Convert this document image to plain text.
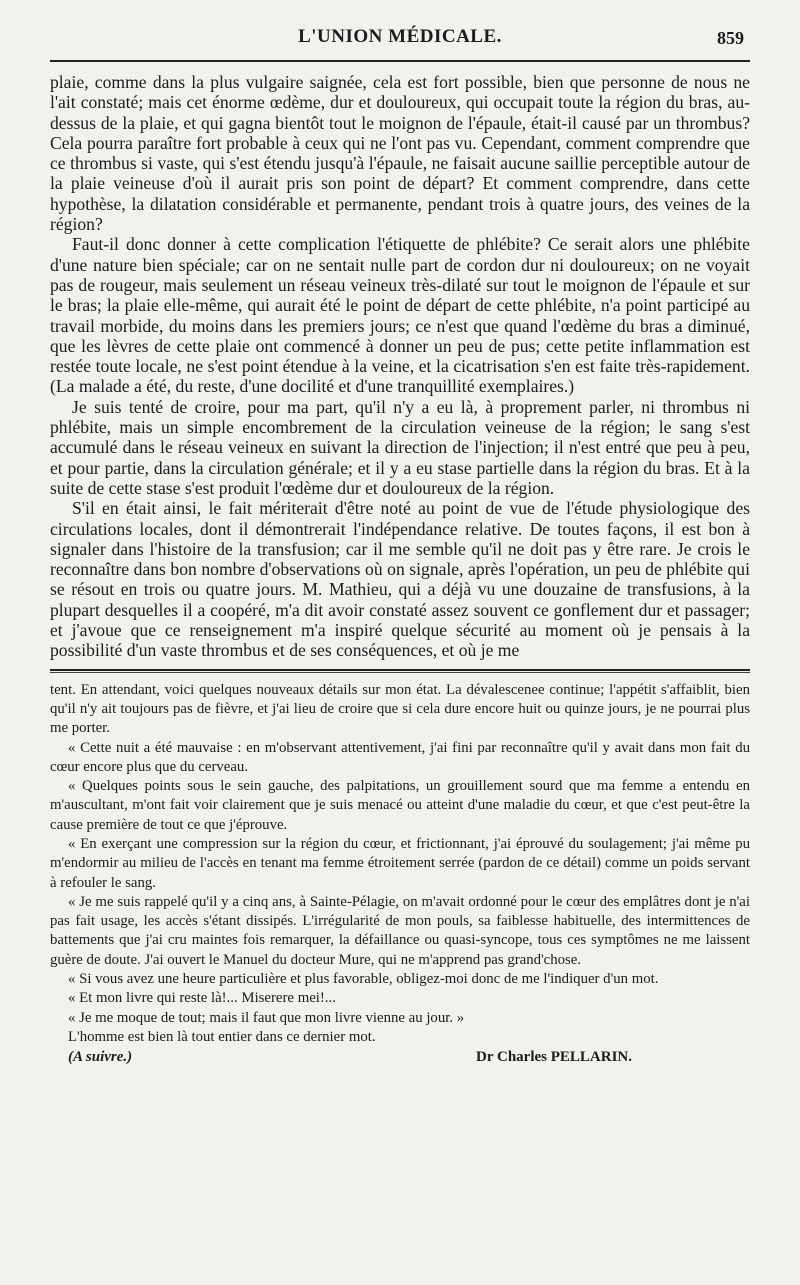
L'UNION MÉDICALE.	859

plaie, comme dans la plus vulgaire saignée, cela est fort possible, bien que personne de nous ne l'ait constaté; mais cet énorme œdème, dur et douloureux, qui occupait toute la région du bras, au-dessus de la plaie, et qui gagna bientôt tout le moignon de l'épaule, était-il causé par un thrombus? Cela pourra paraître fort probable à ceux qui ne l'ont pas vu. Cependant, comment comprendre que ce thrombus si vaste, qui s'est étendu jusqu'à l'épaule, ne faisait aucune saillie perceptible autour de la plaie veineuse d'où il aurait pris son point de départ? Et comment comprendre, dans cette hypothèse, la dilatation considérable et permanente, pendant trois à quatre jours, des veines de la région?

Faut-il donc donner à cette complication l'étiquette de phlébite? Ce serait alors une phlébite d'une nature bien spéciale; car on ne sentait nulle part de cordon dur ni douloureux; on ne voyait pas de rougeur, mais seulement un réseau veineux très-dilaté sur tout le moignon de l'épaule et sur le bras; la plaie elle-même, qui aurait été le point de départ de cette phlébite, n'a point participé au travail morbide, du moins dans les premiers jours; ce n'est que quand l'œdème du bras a diminué, que les lèvres de cette plaie ont commencé à donner un peu de pus; cette petite inflammation est restée toute locale, ne s'est point étendue à la veine, et la cicatrisation s'en est faite très-rapidement. (La malade a été, du reste, d'une docilité et d'une tranquillité exemplaires.)

Je suis tenté de croire, pour ma part, qu'il n'y a eu là, à proprement parler, ni thrombus ni phlébite, mais un simple encombrement de la circulation veineuse de la région; le sang s'est accumulé dans le réseau veineux en suivant la direction de l'injection; il n'est entré que peu à peu, et pour partie, dans la circulation générale; et il y a eu stase partielle dans la région du bras. Et à la suite de cette stase s'est produit l'œdème dur et douloureux de la région.

S'il en était ainsi, le fait mériterait d'être noté au point de vue de l'étude physiologique des circulations locales, dont il démontrerait l'indépendance relative. De toutes façons, il est bon à signaler dans l'histoire de la transfusion; car il me semble qu'il ne doit pas y être rare. Je crois le reconnaître dans bon nombre d'observations où on signale, après l'opération, un peu de phlébite qui se résout en trois ou quatre jours. M. Mathieu, qui a déjà vu une douzaine de transfusions, à la plupart desquelles il a coopéré, m'a dit avoir constaté assez souvent ce gonflement dur et passager; et j'avoue que ce renseignement m'a inspiré quelque sécurité au moment où je pensais à la possibilité d'un vaste thrombus et de ses conséquences, et où je me

tent. En attendant, voici quelques nouveaux détails sur mon état. La dévalescenee continue; l'appétit s'affaiblit, bien qu'il n'y ait toujours pas de fièvre, et j'ai lieu de croire que si cela dure encore huit ou quinze jours, je ne pourrai plus me porter.

« Cette nuit a été mauvaise : en m'observant attentivement, j'ai fini par reconnaître qu'il y avait dans mon fait du cœur encore plus que du cerveau.

« Quelques points sous le sein gauche, des palpitations, un grouillement sourd que ma femme a entendu en m'auscultant, m'ont fait voir clairement que je suis menacé ou atteint d'une maladie du cœur, et que c'est peut-être la cause première de tout ce que j'éprouve.

« En exerçant une compression sur la région du cœur, et frictionnant, j'ai éprouvé du soulagement; j'ai même pu m'endormir au milieu de l'accès en tenant ma femme étroitement serrée (pardon de ce détail) comme un poids servant à refouler le sang.

« Je me suis rappelé qu'il y a cinq ans, à Sainte-Pélagie, on m'avait ordonné pour le cœur des emplâtres dont je n'ai pas fait usage, les accès s'étant dissipés. L'irrégularité de mon pouls, sa faiblesse habituelle, des intermittences de battements que j'ai cru maintes fois remarquer, la défaillance ou quasi-syncope, tous ces symptômes ne me laissent guère de doute. J'ai ouvert le Manuel du docteur Mure, qui ne m'apprend pas grand'chose.

« Si vous avez une heure particulière et plus favorable, obligez-moi donc de me l'indiquer d'un mot.

« Et mon livre qui reste là!... Miserere mei!...

« Je me moque de tout; mais il faut que mon livre vienne au jour. »

L'homme est bien là tout entier dans ce dernier mot.

(A suivre.)	Dr Charles PELLARIN.
